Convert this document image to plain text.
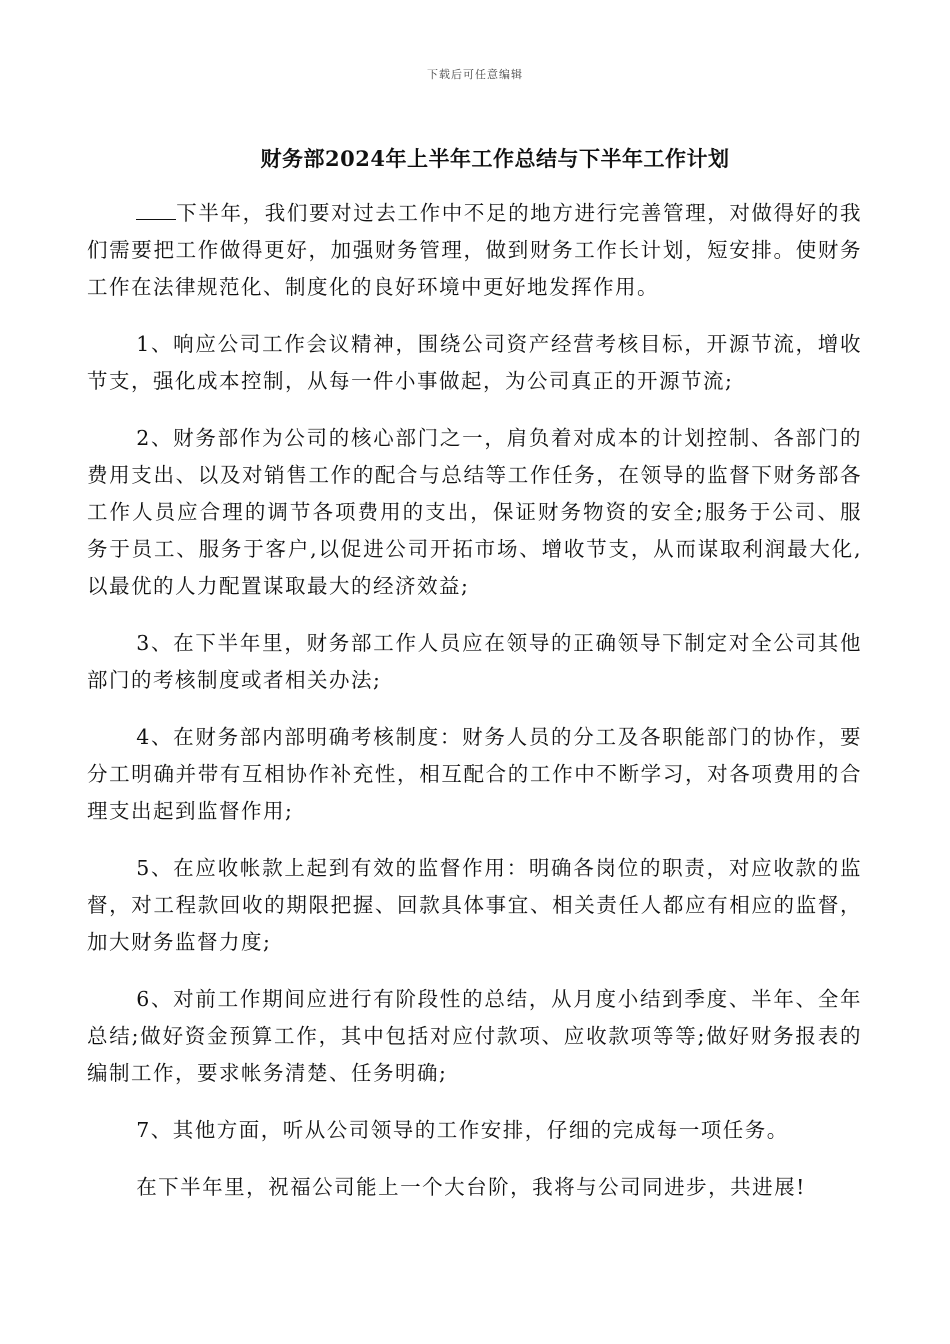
下载后可任意编辑
财务部2024年上半年工作总结与下半年工作计划

下半年，我们要对过去工作中不足的地方进行完善管理，对做得好的我们需要把工作做得更好，加强财务管理，做到财务工作长计划，短安排。使财务工作在法律规范化、制度化的良好环境中更好地发挥作用。

1、响应公司工作会议精神，围绕公司资产经营考核目标，开源节流，增收节支，强化成本控制，从每一件小事做起，为公司真正的开源节流;

2、财务部作为公司的核心部门之一，肩负着对成本的计划控制、各部门的费用支出、以及对销售工作的配合与总结等工作任务，在领导的监督下财务部各工作人员应合理的调节各项费用的支出，保证财务物资的安全;服务于公司、服务于员工、服务于客户,以促进公司开拓市场、增收节支，从而谋取利润最大化,以最优的人力配置谋取最大的经济效益;

3、在下半年里，财务部工作人员应在领导的正确领导下制定对全公司其他部门的考核制度或者相关办法;

4、在财务部内部明确考核制度：财务人员的分工及各职能部门的协作，要分工明确并带有互相协作补充性，相互配合的工作中不断学习，对各项费用的合理支出起到监督作用;

5、在应收帐款上起到有效的监督作用：明确各岗位的职责，对应收款的监督，对工程款回收的期限把握、回款具体事宜、相关责任人都应有相应的监督，加大财务监督力度;

6、对前工作期间应进行有阶段性的总结，从月度小结到季度、半年、全年总结;做好资金预算工作，其中包括对应付款项、应收款项等等;做好财务报表的编制工作，要求帐务清楚、任务明确;

7、其他方面，听从公司领导的工作安排，仔细的完成每一项任务。

在下半年里，祝福公司能上一个大台阶，我将与公司同进步，共进展!
